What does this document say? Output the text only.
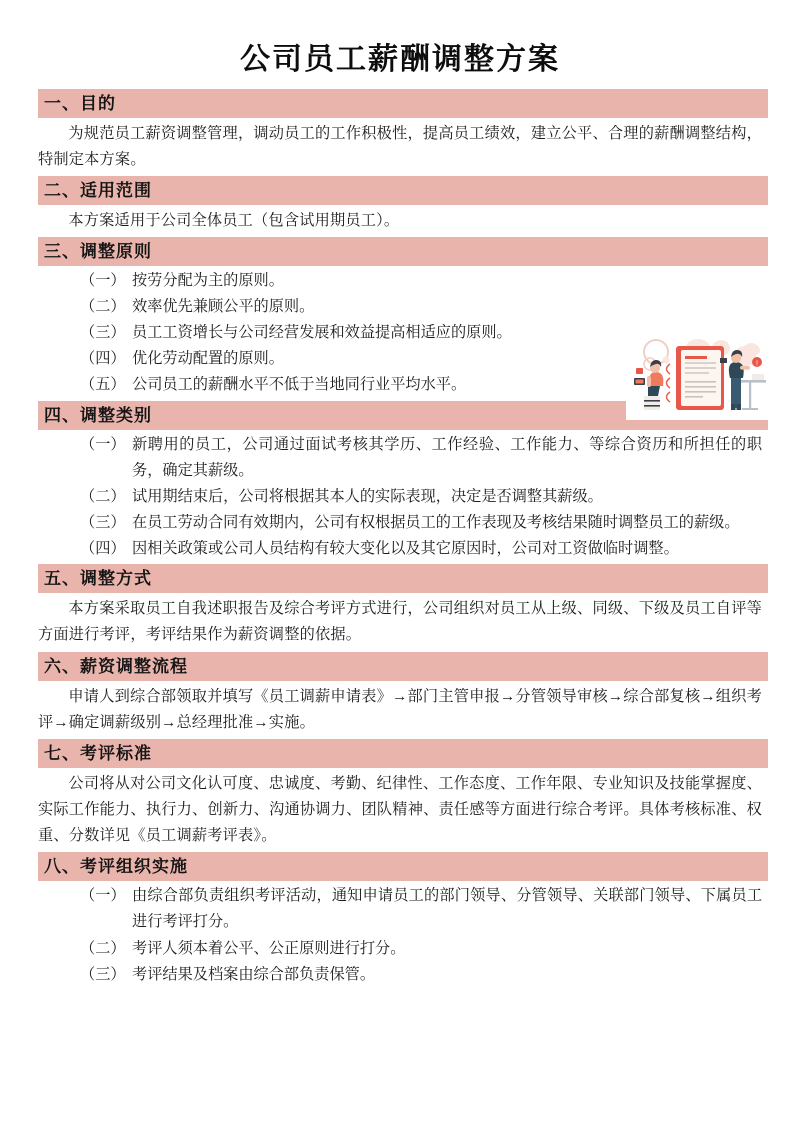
公司员工薪酬调整方案
一、目的

为规范员工薪资调整管理，调动员工的工作积极性，提高员工绩效，建立公平、合理的薪酬调整结构，特制定本方案。

二、适用范围

本方案适用于公司全体员工（包含试用期员工）。

三、调整原则
（一） 按劳分配为主的原则。
（二） 效率优先兼顾公平的原则。
（三） 员工工资增长与公司经营发展和效益提高相适应的原则。
（四） 优化劳动配置的原则。
（五） 公司员工的薪酬水平不低于当地同行业平均水平。
四、调整类别
（一） 新聘用的员工，公司通过面试考核其学历、工作经验、工作能力、等综合资历和所担任的职务，确定其薪级。
（二） 试用期结束后，公司将根据其本人的实际表现，决定是否调整其薪级。
（三） 在员工劳动合同有效期内，公司有权根据员工的工作表现及考核结果随时调整员工的薪级。
（四） 因相关政策或公司人员结构有较大变化以及其它原因时，公司对工资做临时调整。
五、调整方式

本方案采取员工自我述职报告及综合考评方式进行，公司组织对员工从上级、同级、下级及员工自评等方面进行考评，考评结果作为薪资调整的依据。

六、薪资调整流程

申请人到综合部领取并填写《员工调薪申请表》→部门主管申报→分管领导审核→综合部复核→组织考评→确定调薪级别→总经理批准→实施。

七、考评标准

公司将从对公司文化认可度、忠诚度、考勤、纪律性、工作态度、工作年限、专业知识及技能掌握度、实际工作能力、执行力、创新力、沟通协调力、团队精神、责任感等方面进行综合考评。具体考核标准、权重、分数详见《员工调薪考评表》。

八、考评组织实施
（一） 由综合部负责组织考评活动，通知申请员工的部门领导、分管领导、关联部门领导、下属员工进行考评打分。
（二） 考评人须本着公平、公正原则进行打分。
（三） 考评结果及档案由综合部负责保管。
!
